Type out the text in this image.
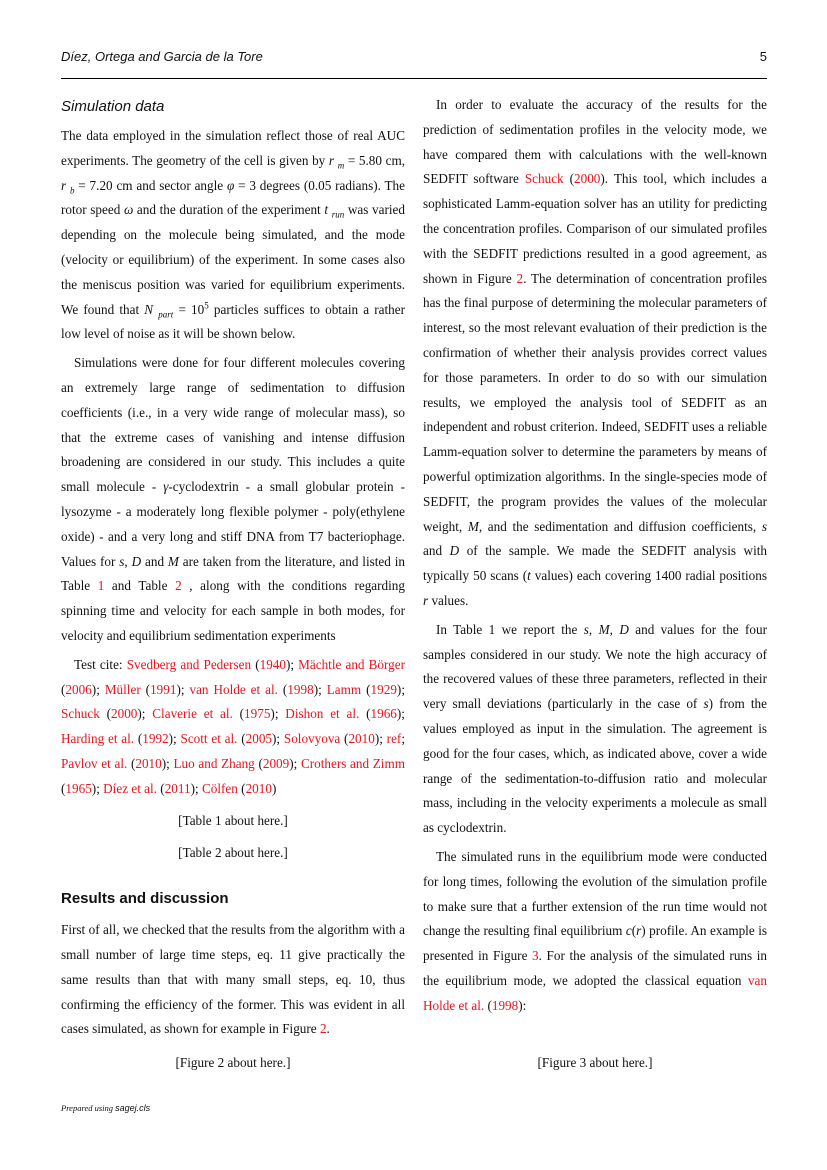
Díez, Ortega and Garcia de la Tore	5
Simulation data

The data employed in the simulation reflect those of real AUC experiments. The geometry of the cell is given by r $_m$ = 5.80 cm, r $_b$ = 7.20 cm and sector angle φ = 3 degrees (0.05 radians). The rotor speed ω and the duration of the experiment t $_{run}$ was varied depending on the molecule being simulated, and the mode (velocity or equilibrium) of the experiment. In some cases also the meniscus position was varied for equilibrium experiments. We found that N $_{part} = 10^5$ particles suffices to obtain a rather low level of noise as it will be shown below.

Simulations were done for four different molecules covering an extremely large range of sedimentation to diffusion coefficients (i.e., in a very wide range of molecular mass), so that the extreme cases of vanishing and intense diffusion broadening are considered in our study. This includes a quite small molecule - γ-cyclodextrin - a small globular protein - lysozyme - a moderately long flexible polymer - poly(ethylene oxide) - and a very long and stiff DNA from T7 bacteriophage. Values for s, D and M are taken from the literature, and listed in Table 1 and Table 2 , along with the conditions regarding spinning time and velocity for each sample in both modes, for velocity and equilibrium sedimentation experiments

Test cite: Svedberg and Pedersen (1940); Mächtle and Börger (2006); Müller (1991); van Holde et al. (1998); Lamm (1929); Schuck (2000); Claverie et al. (1975); Dishon et al. (1966); Harding et al. (1992); Scott et al. (2005); Solovyova (2010); ref; Pavlov et al. (2010); Luo and Zhang (2009); Crothers and Zimm (1965); Díez et al. (2011); Cölfen (2010)

[Table 1 about here.]
[Table 2 about here.]
Results and discussion

First of all, we checked that the results from the algorithm with a small number of large time steps, eq. 11 give practically the same results than that with many small steps, eq. 10, thus confirming the efficiency of the former. This was evident in all cases simulated, as shown for example in Figure 2.

[Figure 2 about here.]

In order to evaluate the accuracy of the results for the prediction of sedimentation profiles in the velocity mode, we have compared them with calculations with the well-known SEDFIT software Schuck (2000). This tool, which includes a sophisticated Lamm-equation solver has an utility for predicting the concentration profiles. Comparison of our simulated profiles with the SEDFIT predictions resulted in a good agreement, as shown in Figure 2. The determination of concentration profiles has the final purpose of determining the molecular parameters of interest, so the most relevant evaluation of their prediction is the confirmation of whether their analysis provides correct values for those parameters. In order to do so with our simulation results, we employed the analysis tool of SEDFIT as an independent and robust criterion. Indeed, SEDFIT uses a reliable Lamm-equation solver to determine the parameters by means of powerful optimization algorithms. In the single-species mode of SEDFIT, the program provides the values of the molecular weight, M, and the sedimentation and diffusion coefficients, s and D of the sample. We made the SEDFIT analysis with typically 50 scans (t values) each covering 1400 radial positions r values.

In Table 1 we report the s, M, D and values for the four samples considered in our study. We note the high accuracy of the recovered values of these three parameters, reflected in their very small deviations (particularly in the case of s) from the values employed as input in the simulation. The agreement is good for the four cases, which, as indicated above, cover a wide range of the sedimentation-to-diffusion ratio and molecular mass, including in the velocity experiments a molecule as small as cyclodextrin.

The simulated runs in the equilibrium mode were conducted for long times, following the evolution of the simulation profile to make sure that a further extension of the run time would not change the resulting final equilibrium c(r) profile. An example is presented in Figure 3. For the analysis of the simulated runs in the equilibrium mode, we adopted the classical equation van Holde et al. (1998):

[Figure 3 about here.]
Prepared using sagej.cls
